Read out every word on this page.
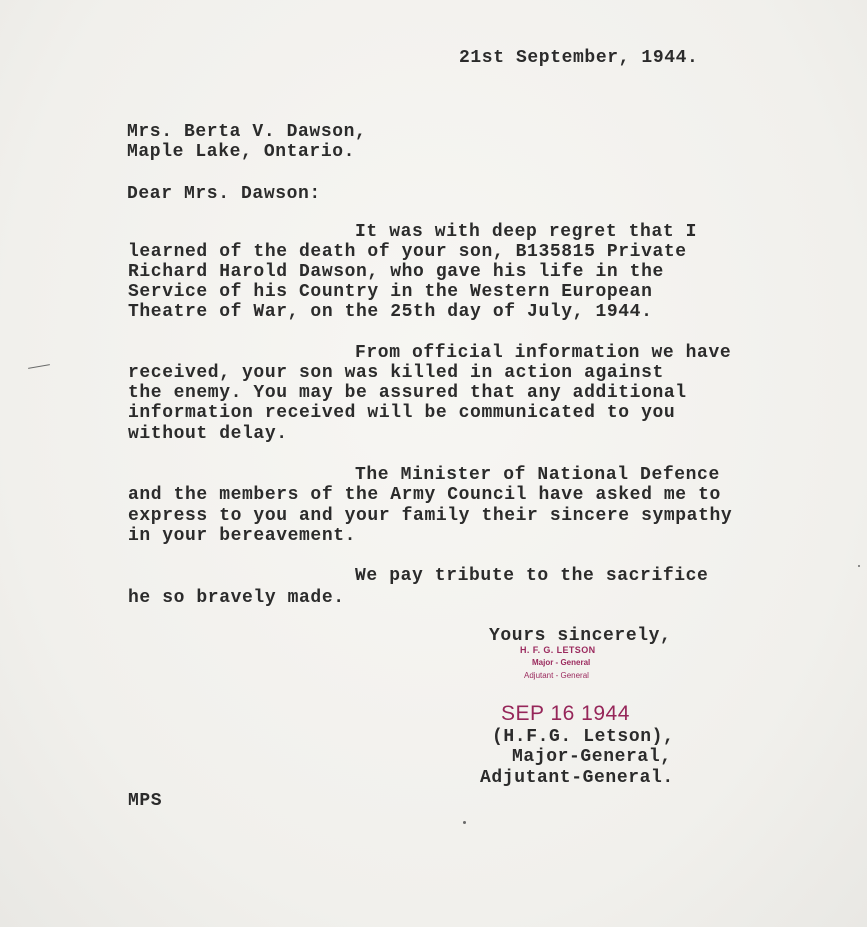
21st September, 1944.
Mrs. Berta V. Dawson,
Maple Lake, Ontario.
Dear Mrs. Dawson:
It was with deep regret that I
learned of the death of your son, B135815 Private
Richard Harold Dawson, who gave his life in the
Service of his Country in the Western European
Theatre of War, on the 25th day of July, 1944.
From official information we have
received, your son was killed in action against
the enemy. You may be assured that any additional
information received will be communicated to you
without delay.
The Minister of National Defence
and the members of the Army Council have asked me to
express to you and your family their sincere sympathy
in your bereavement.
We pay tribute to the sacrifice
he so bravely made.
Yours sincerely,
H. F. G. LETSON
Major - General
Adjutant - General
SEP 16 1944
(H.F.G. Letson),
Major-General,
Adjutant-General.
MPS
